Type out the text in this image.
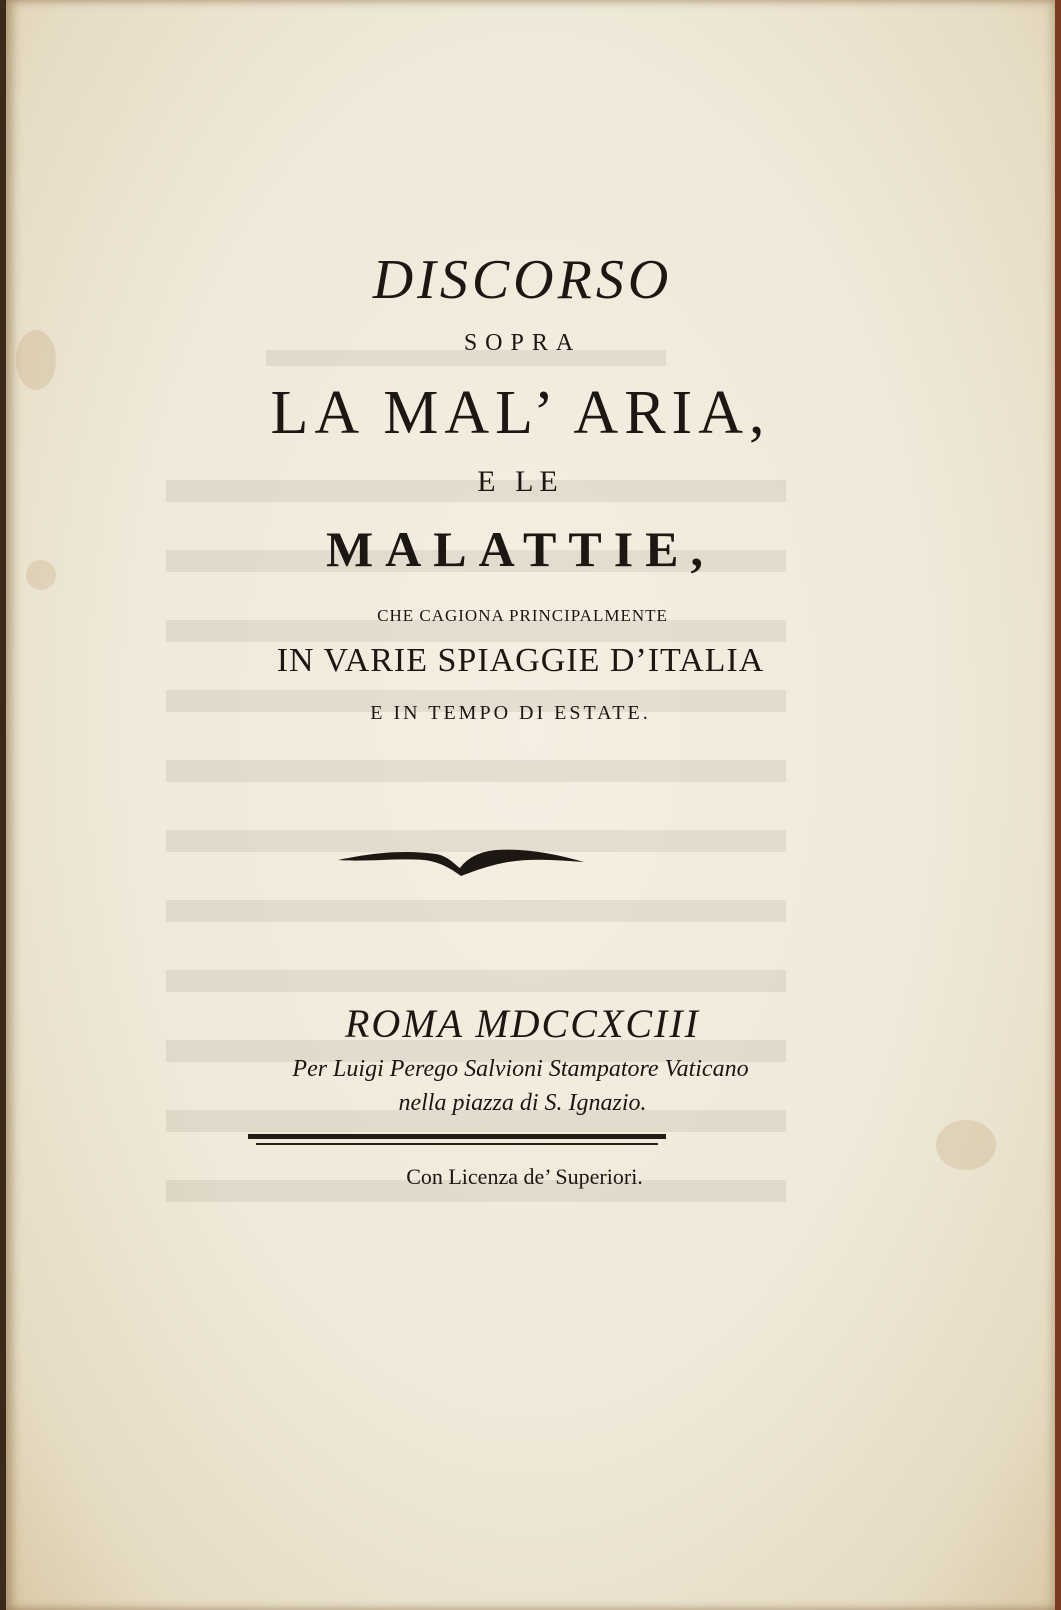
DISCORSO
SOPRA
LA MAL’ ARIA,
E LE
MALATTIE,
CHE CAGIONA PRINCIPALMENTE
IN VARIE SPIAGGIE D’ITALIA
E IN TEMPO DI ESTATE.
ROMA MDCCXCIII
Per Luigi Perego Salvioni Stampatore Vaticano
nella piazza di S. Ignazio.
Con Licenza de’ Superiori.
